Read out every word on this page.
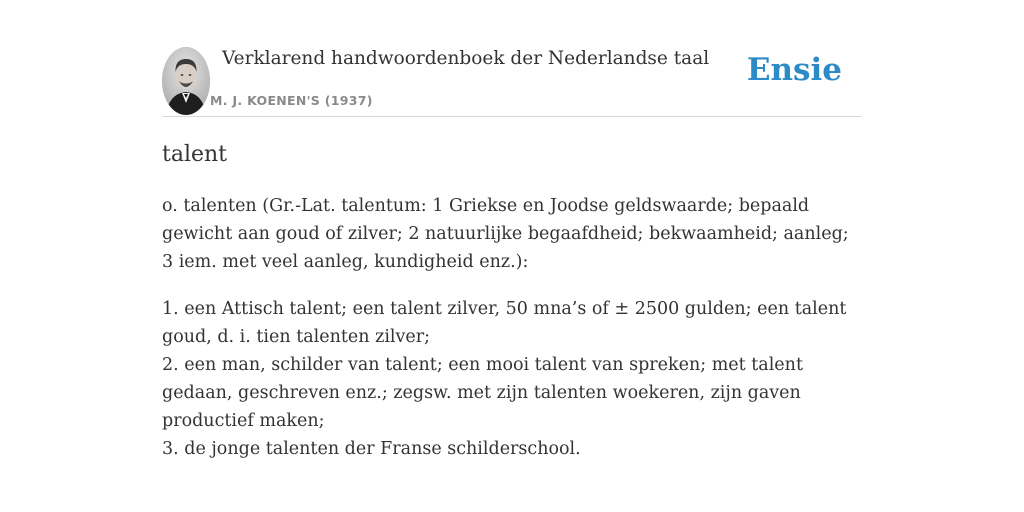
Verklarend handwoordenboek der Nederlandse taal
M. J. KOENEN'S (1937)
Ensie
talent

o. talenten (Gr.-Lat. talentum: 1 Griekse en Joodse geldswaarde; bepaald gewicht aan goud of zilver; 2 natuurlijke begaafdheid; bekwaamheid; aanleg; 3 iem. met veel aanleg, kundigheid enz.):

1. een Attisch talent; een talent zilver, 50 mna’s of ± 2500 gulden; een talent goud, d. i. tien talenten zilver;
2. een man, schilder van talent; een mooi talent van spreken; met talent gedaan, geschreven enz.; zegsw. met zijn talenten woekeren, zijn gaven productief maken;
3. de jonge talenten der Franse schilderschool.
